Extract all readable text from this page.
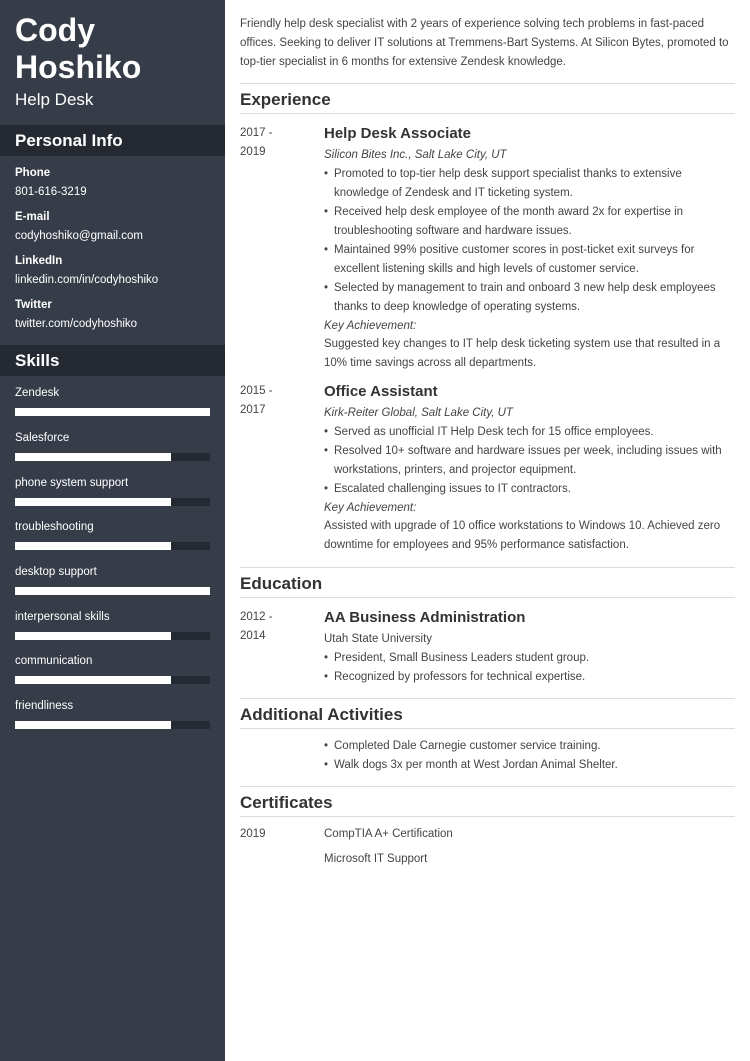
Cody
Hoshiko
Help Desk
Personal Info
Phone
801-616-3219
E-mail
codyhoshiko@gmail.com
LinkedIn
linkedin.com/in/codyhoshiko
Twitter
twitter.com/codyhoshiko
Skills
Zendesk
Salesforce
phone system support
troubleshooting
desktop support
interpersonal skills
communication
friendliness
Friendly help desk specialist with 2 years of experience solving tech problems in fast-paced offices. Seeking to deliver IT solutions at Tremmens-Bart Systems. At Silicon Bytes, promoted to top-tier specialist in 6 months for extensive Zendesk knowledge.
Experience
2017 -
2019
Help Desk Associate
Silicon Bites Inc., Salt Lake City, UT
• Promoted to top-tier help desk support specialist thanks to extensive knowledge of Zendesk and IT ticketing system.
• Received help desk employee of the month award 2x for expertise in troubleshooting software and hardware issues.
• Maintained 99% positive customer scores in post-ticket exit surveys for excellent listening skills and high levels of customer service.
• Selected by management to train and onboard 3 new help desk employees thanks to deep knowledge of operating systems.
Key Achievement:
Suggested key changes to IT help desk ticketing system use that resulted in a 10% time savings across all departments.
2015 -
2017
Office Assistant
Kirk-Reiter Global, Salt Lake City, UT
• Served as unofficial IT Help Desk tech for 15 office employees.
• Resolved 10+ software and hardware issues per week, including issues with workstations, printers, and projector equipment.
• Escalated challenging issues to IT contractors.
Key Achievement:
Assisted with upgrade of 10 office workstations to Windows 10. Achieved zero downtime for employees and 95% performance satisfaction.
Education
2012 -
2014
AA Business Administration
Utah State University
• President, Small Business Leaders student group.
• Recognized by professors for technical expertise.
Additional Activities
• Completed Dale Carnegie customer service training.
• Walk dogs 3x per month at West Jordan Animal Shelter.
Certificates
2019	CompTIA A+ Certification
Microsoft IT Support
